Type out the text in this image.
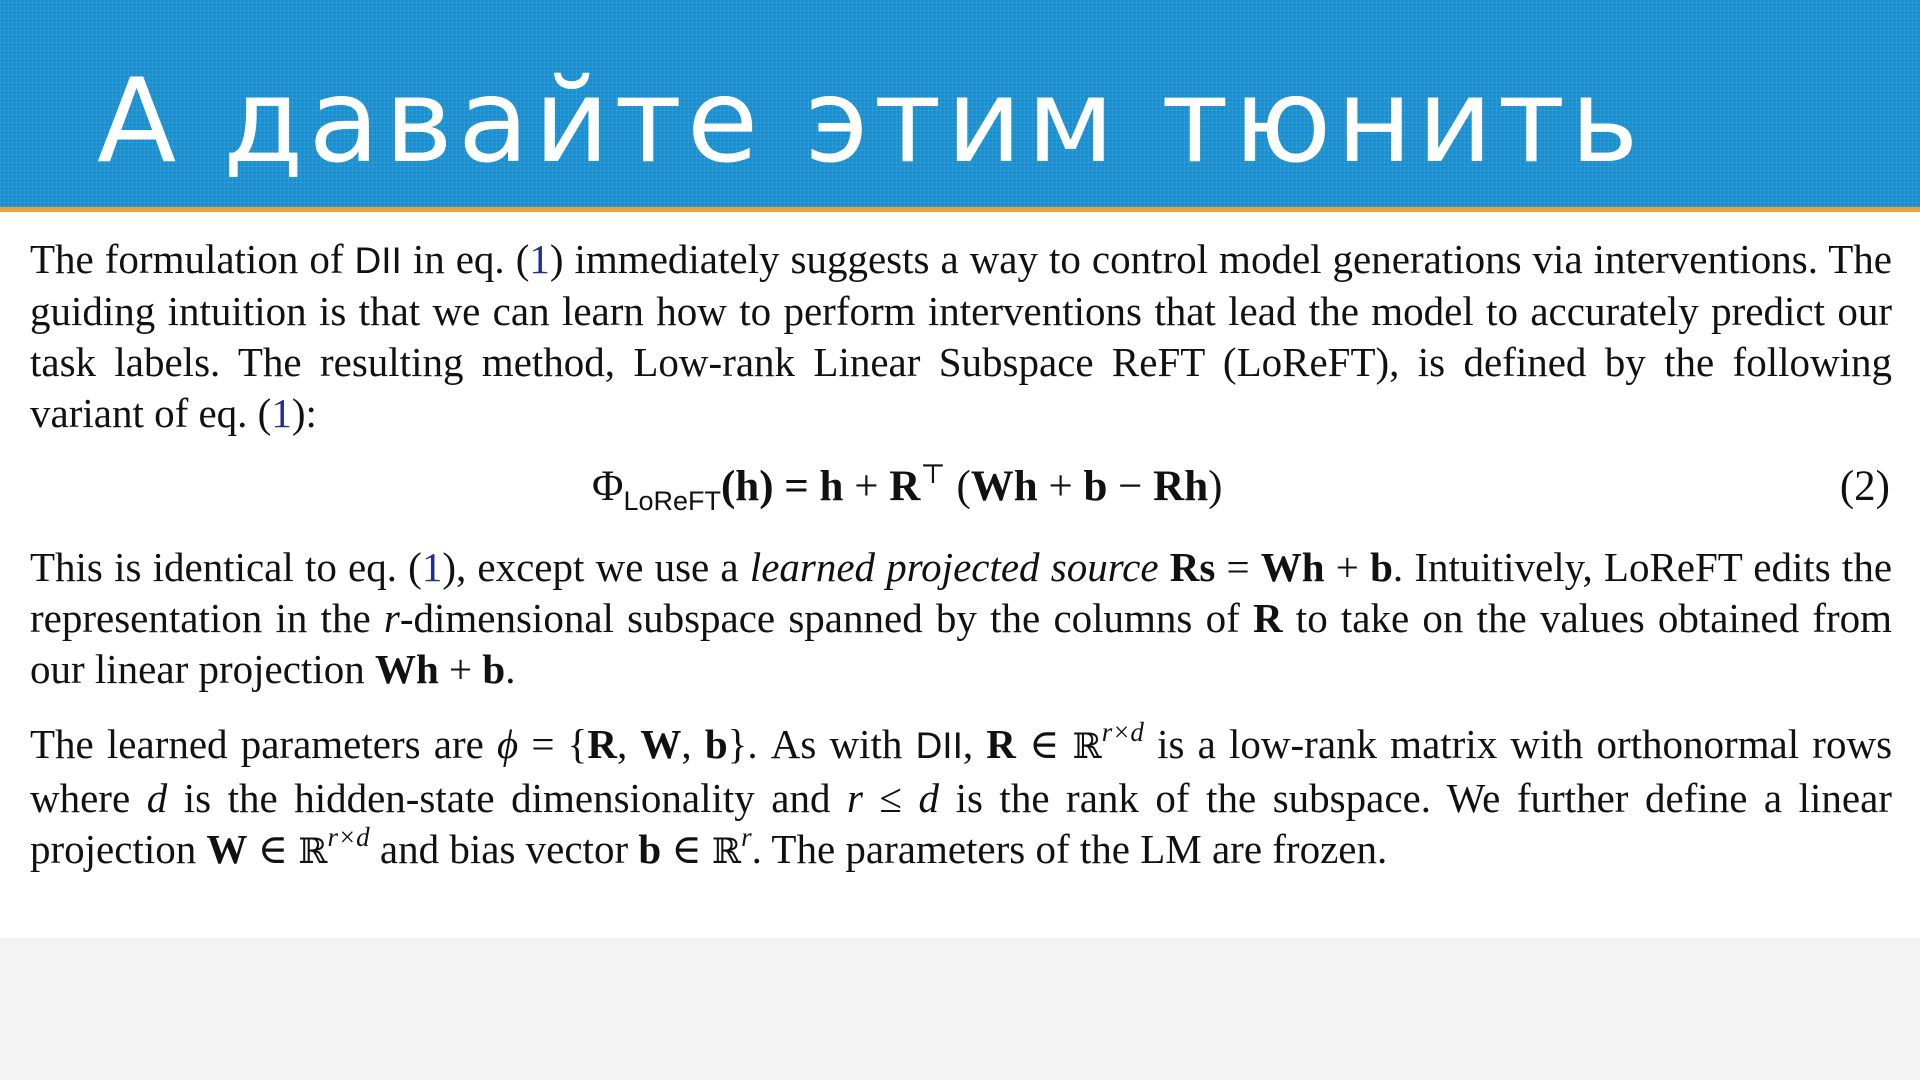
А давайте этим тюнить

The formulation of DII in eq. (1) immediately suggests a way to control model generations via interventions. The guiding intuition is that we can learn how to perform interventions that lead the model to accurately predict our task labels. The resulting method, Low-rank Linear Subspace ReFT (LoReFT), is defined by the following variant of eq. (1):

$\Phi_{LoReFT}(h) = h + R^⊤$ (Wh + b − Rh)	(2)

This is identical to eq. (1), except we use a learned projected source Rs = Wh + b. Intuitively, LoReFT edits the representation in the r-dimensional subspace spanned by the columns of R to take on the values obtained from our linear projection Wh + b.

The learned parameters are ϕ = {R, W, b}. As with DII, R ∈ ℝ$^{r\times d}$ is a low-rank matrix with orthonormal rows where d is the hidden-state dimensionality and r ≤ d is the rank of the subspace. We further define a linear projection W ∈ ℝ$^{r\times d}$ and bias vector b ∈ ℝ$^r$. The parameters of the LM are frozen.
